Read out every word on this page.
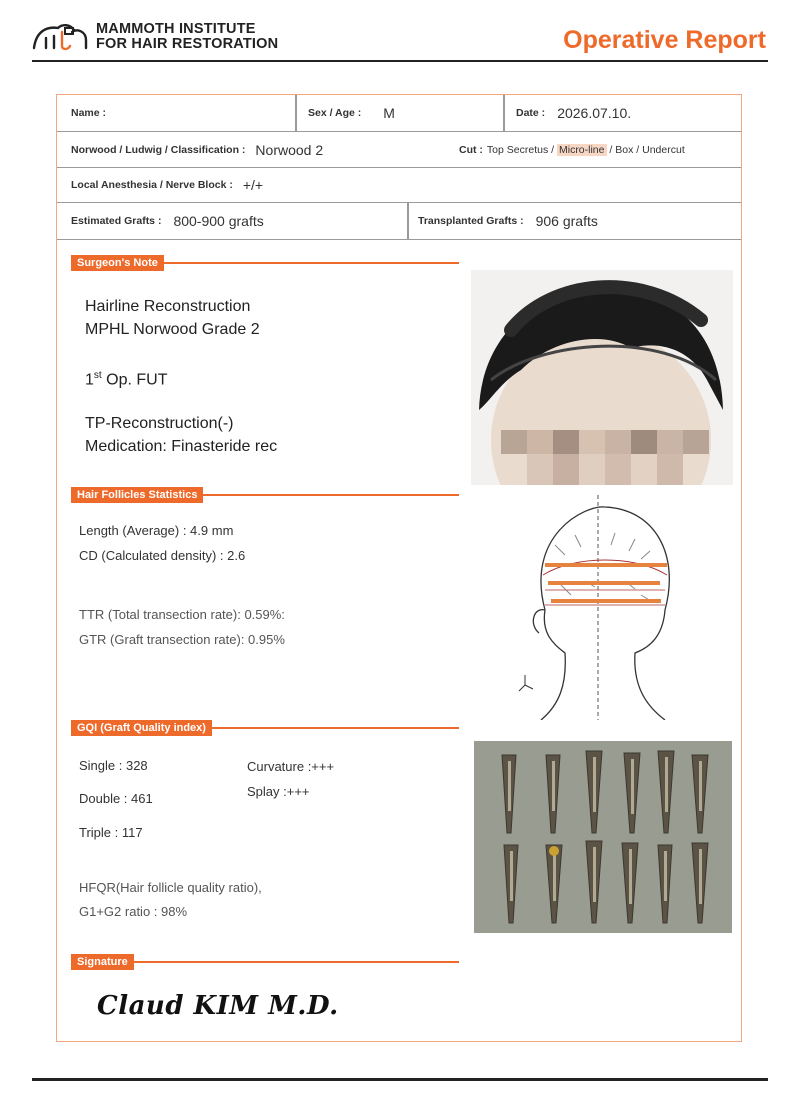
MAMMOTH INSTITUTE
FOR HAIR RESTORATION	Operative Report
Name :	Sex / Age : M	Date : 2026.07.10.
Norwood / Ludwig / Classification : Norwood 2	Cut : Top Secretus / Micro-line / Box / Undercut
Local Anesthesia / Nerve Block : +/+
Estimated Grafts : 800-900 grafts	Transplanted Grafts : 906 grafts
Surgeon's Note
Hairline Reconstruction
MPHL Norwood Grade 2
1st Op. FUT
TP-Reconstruction(-)
Medication: Finasteride rec
Hair Follicles Statistics
Length (Average) : 4.9 mm
CD (Calculated density) : 2.6
TTR (Total transection rate): 0.59%:
GTR (Graft transection rate): 0.95%
GQI (Graft Quality index)
Single : 328
Double : 461
Triple : 117
Curvature :+++
Splay :+++
HFQR(Hair follicle quality ratio),
G1+G2 ratio : 98%
Signature
Claud KIM M.D.
